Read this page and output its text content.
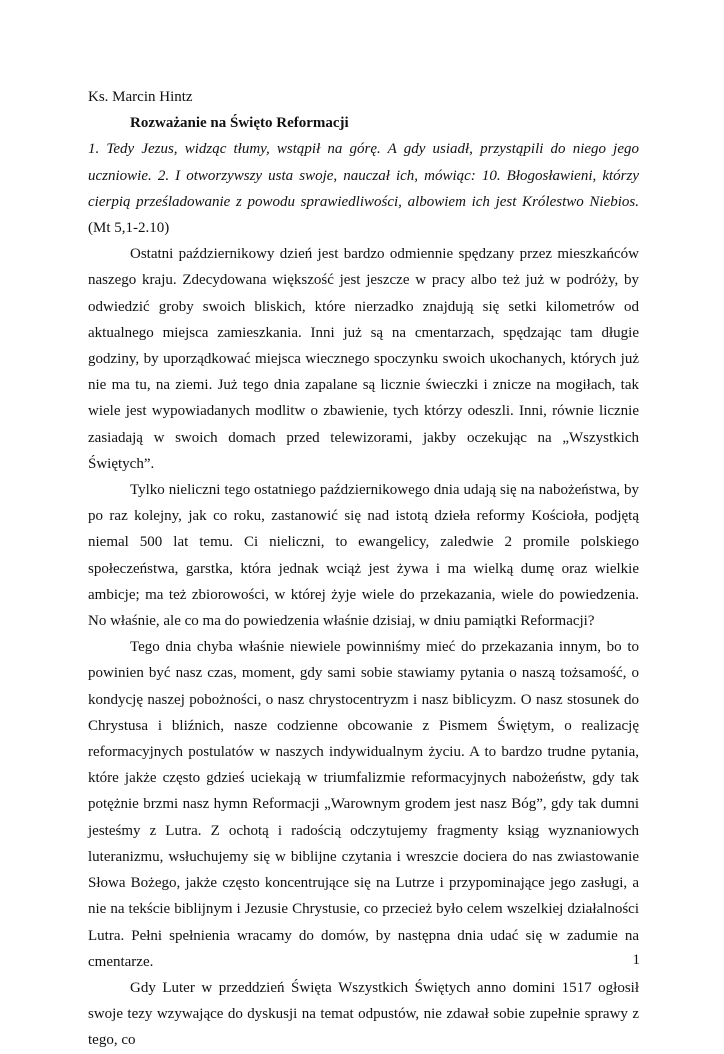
Ks. Marcin Hintz

Rozważanie na Święto Reformacji

1. Tedy Jezus, widząc tłumy, wstąpił na górę. A gdy usiadł, przystąpili do niego jego uczniowie. 2. I otworzywszy usta swoje, nauczał ich, mówiąc: 10. Błogosławieni, którzy cierpią prześladowanie z powodu sprawiedliwości, albowiem ich jest Królestwo Niebios. (Mt 5,1-2.10)

Ostatni październikowy dzień jest bardzo odmiennie spędzany przez mieszkańców naszego kraju. Zdecydowana większość jest jeszcze w pracy albo też już w podróży, by odwiedzić groby swoich bliskich, które nierzadko znajdują się setki kilometrów od aktualnego miejsca zamieszkania. Inni już są na cmentarzach, spędzając tam długie godziny, by uporządkować miejsca wiecznego spoczynku swoich ukochanych, których już nie ma tu, na ziemi. Już tego dnia zapalane są licznie świeczki i znicze na mogiłach, tak wiele jest wypowiadanych modlitw o zbawienie, tych którzy odeszli. Inni, równie licznie zasiadają w swoich domach przed telewizorami, jakby oczekując na „Wszystkich Świętych”.

Tylko nieliczni tego ostatniego październikowego dnia udają się na nabożeństwa, by po raz kolejny, jak co roku, zastanowić się nad istotą dzieła reformy Kościoła, podjętą niemal 500 lat temu. Ci nieliczni, to ewangelicy, zaledwie 2 promile polskiego społeczeństwa, garstka, która jednak wciąż jest żywa i ma wielką dumę oraz wielkie ambicje; ma też zbiorowości, w której żyje wiele do przekazania, wiele do powiedzenia. No właśnie, ale co ma do powiedzenia właśnie dzisiaj, w dniu pamiątki Reformacji?

Tego dnia chyba właśnie niewiele powinniśmy mieć do przekazania innym, bo to powinien być nasz czas, moment, gdy sami sobie stawiamy pytania o naszą tożsamość, o kondycję naszej pobożności, o nasz chrystocentryzm i nasz biblicyzm. O nasz stosunek do Chrystusa i bliźnich, nasze codzienne obcowanie z Pismem Świętym, o realizację reformacyjnych postulatów w naszych indywidualnym życiu. A to bardzo trudne pytania, które jakże często gdzieś uciekają w triumfalizmie reformacyjnych nabożeństw, gdy tak potężnie brzmi nasz hymn Reformacji „Warownym grodem jest nasz Bóg”, gdy tak dumni jesteśmy z Lutra. Z ochotą i radością odczytujemy fragmenty ksiąg wyznaniowych luteranizmu, wsłuchujemy się w biblijne czytania i wreszcie dociera do nas zwiastowanie Słowa Bożego, jakże często koncentrujące się na Lutrze i przypominające jego zasługi, a nie na tekście biblijnym i Jezusie Chrystusie, co przecież było celem wszelkiej działalności Lutra. Pełni spełnienia wracamy do domów, by następna dnia udać się w zadumie na cmentarze.

Gdy Luter w przeddzień Święta Wszystkich Świętych anno domini 1517 ogłosił swoje tezy wzywające do dyskusji na temat odpustów, nie zdawał sobie zupełnie sprawy z tego, co

1
